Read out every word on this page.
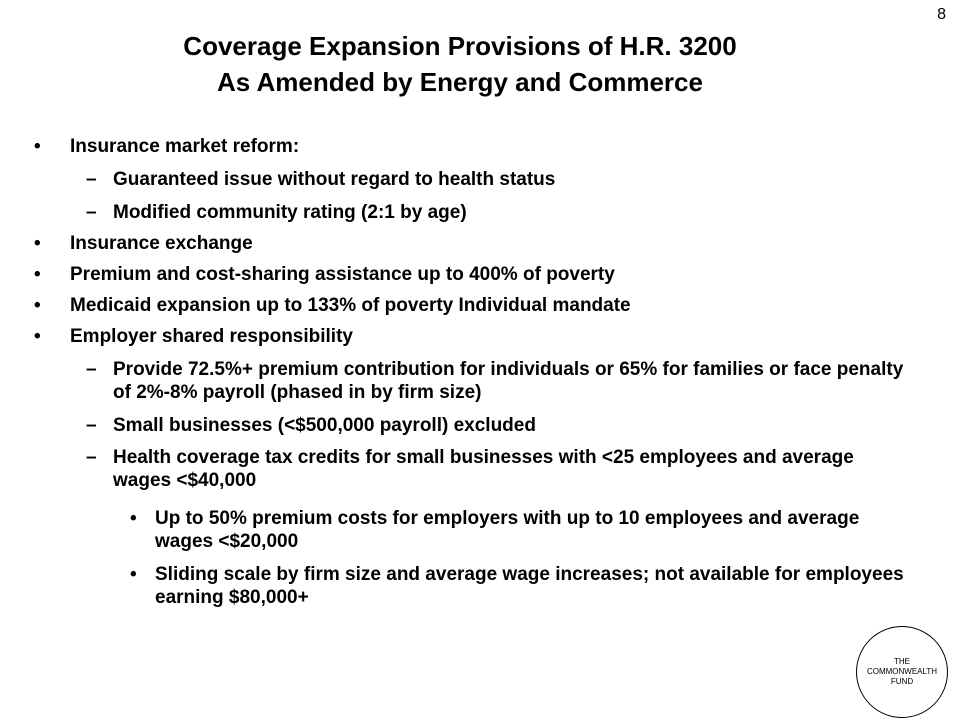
8
Coverage Expansion Provisions of H.R. 3200
As Amended by Energy and Commerce
• Insurance market reform:
– Guaranteed issue without regard to health status
– Modified community rating (2:1 by age)
• Insurance exchange
• Premium and cost-sharing assistance up to 400% of poverty
• Medicaid expansion up to 133% of poverty Individual mandate
• Employer shared responsibility
– Provide 72.5%+ premium contribution for individuals or 65% for families or face penalty of 2%-8% payroll (phased in by firm size)
– Small businesses (<$500,000 payroll) excluded
– Health coverage tax credits for small businesses with <25 employees and average wages <$40,000
• Up to 50% premium costs for employers with up to 10 employees and average wages <$20,000
• Sliding scale by firm size and average wage increases; not available for employees earning $80,000+
THE
COMMONWEALTH
FUND
